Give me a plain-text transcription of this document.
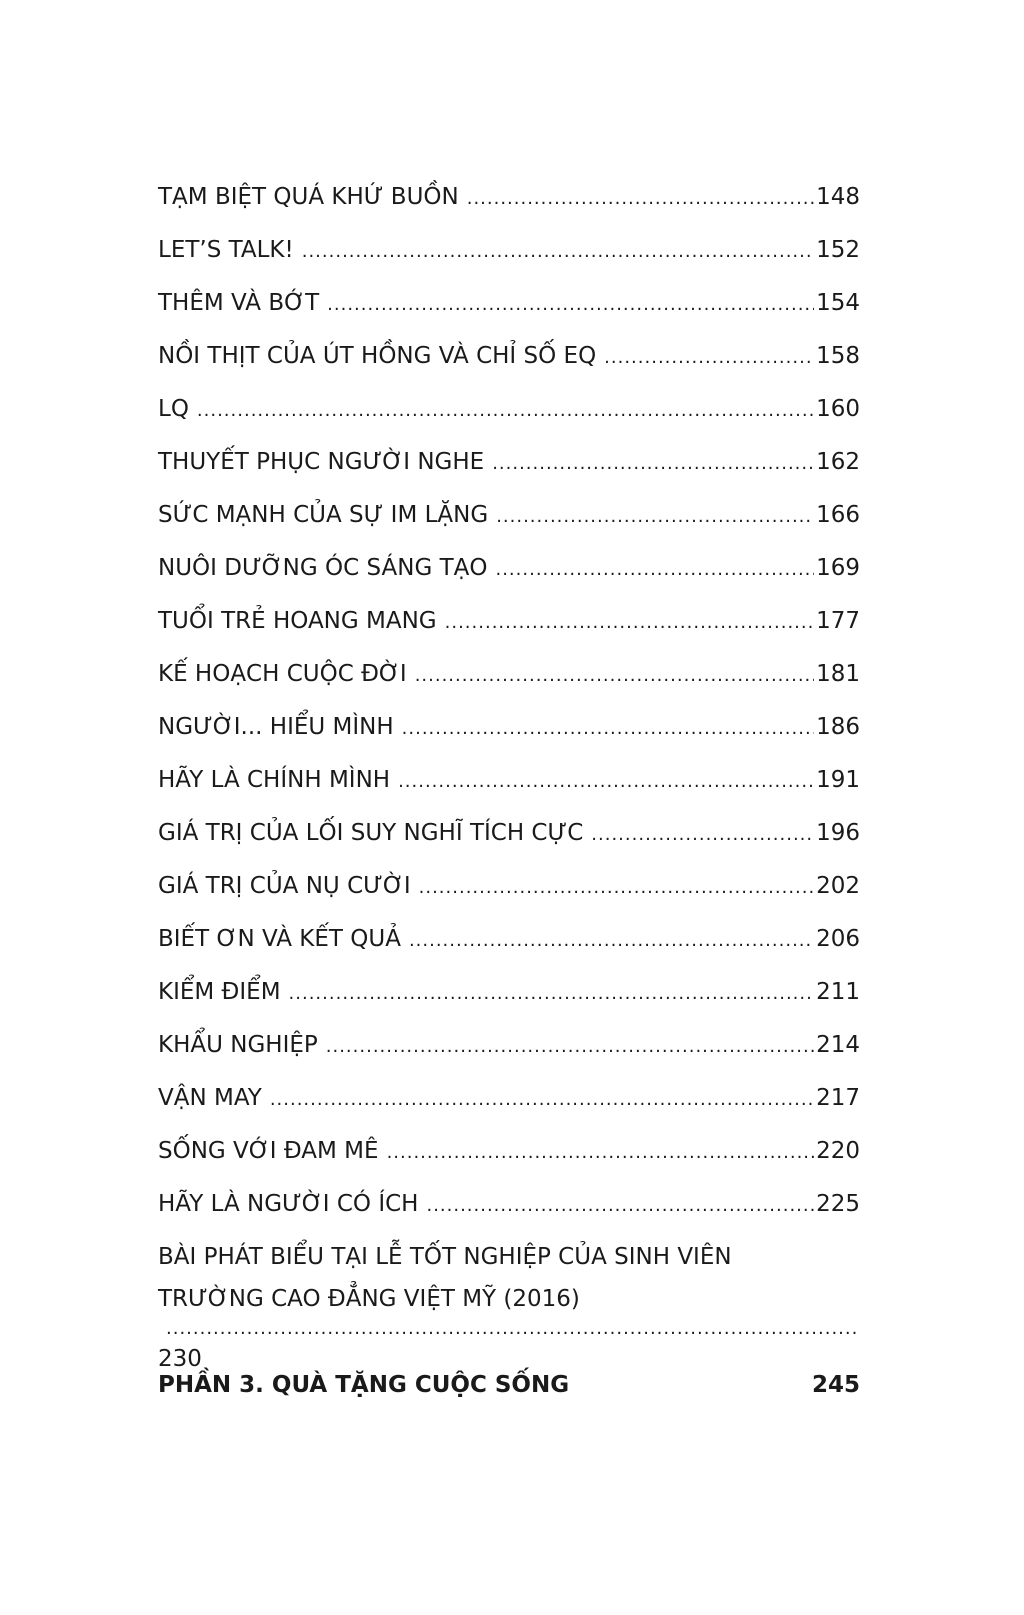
TẠM BIỆT QUÁ KHỨ BUỒN .....	148
LET’S TALK! .....	152
THÊM VÀ BỚT .....	154
NỒI THỊT CỦA ÚT HỒNG VÀ CHỈ SỐ EQ .....	158
LQ .....	160
THUYẾT PHỤC NGƯỜI NGHE .....	162
SỨC MẠNH CỦA SỰ IM LẶNG .....	166
NUÔI DƯỠNG ÓC SÁNG TẠO .....	169
TUỔI TRẺ HOANG MANG .....	177
KẾ HOẠCH CUỘC ĐỜI .....	181
NGƯỜI... HIỂU MÌNH .....	186
HÃY LÀ CHÍNH MÌNH .....	191
GIÁ TRỊ CỦA LỐI SUY NGHĨ TÍCH CỰC .....	196
GIÁ TRỊ CỦA NỤ CƯỜI .....	202
BIẾT ƠN VÀ KẾT QUẢ .....	206
KIỂM ĐIỂM .....	211
KHẨU NGHIỆP .....	214
VẬN MAY .....	217
SỐNG VỚI ĐAM MÊ .....	220
HÃY LÀ NGƯỜI CÓ ÍCH .....	225
BÀI PHÁT BIỂU TẠI LỄ TỐT NGHIỆP CỦA SINH VIÊN
TRƯỜNG CAO ĐẲNG VIỆT MỸ (2016)
.....
230
PHẦN 3. QUÀ TẶNG CUỘC SỐNG	245
